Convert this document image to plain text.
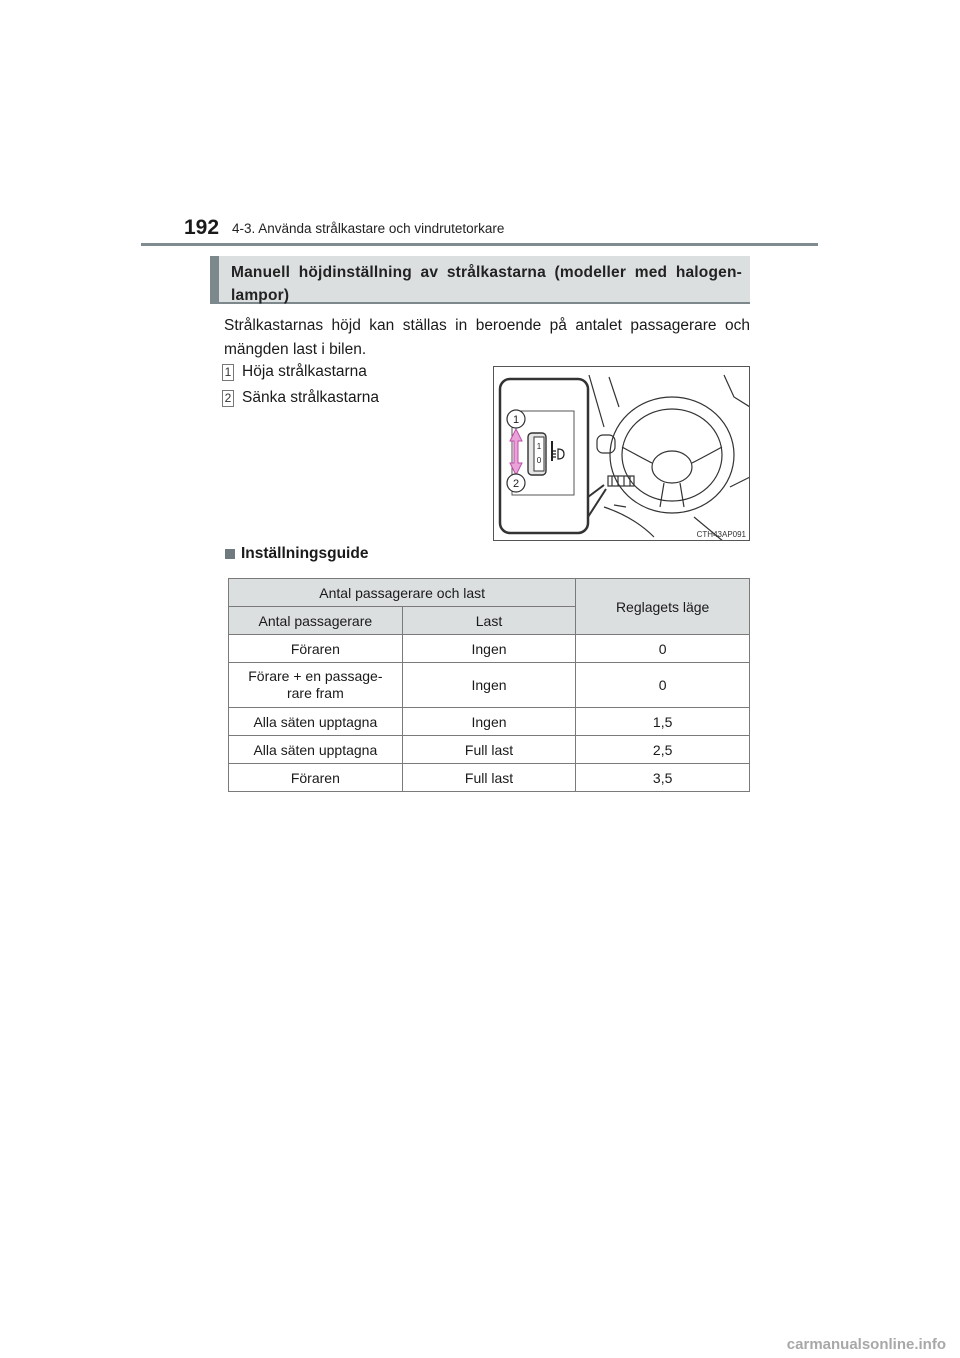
192 4-3. Använda strålkastare och vindrutetorkare
Manuell höjdinställning av strålkastarna (modeller med halogen-lampor)
Strålkastarnas höjd kan ställas in beroende på antalet passagerare och mängden last i bilen.
1 Höja strålkastarna
2 Sänka strålkastarna
1
0
1
2
CTH43AP091
Inställningsguide
Antal passagerare och last		Reglagets läge
Antal passagerare	Last	
Föraren	Ingen	0
Förare + en passage-
rare fram	Ingen	0
Alla säten upptagna	Ingen	1,5
Alla säten upptagna	Full last	2,5
Föraren	Full last	3,5
carmanualsonline.info
